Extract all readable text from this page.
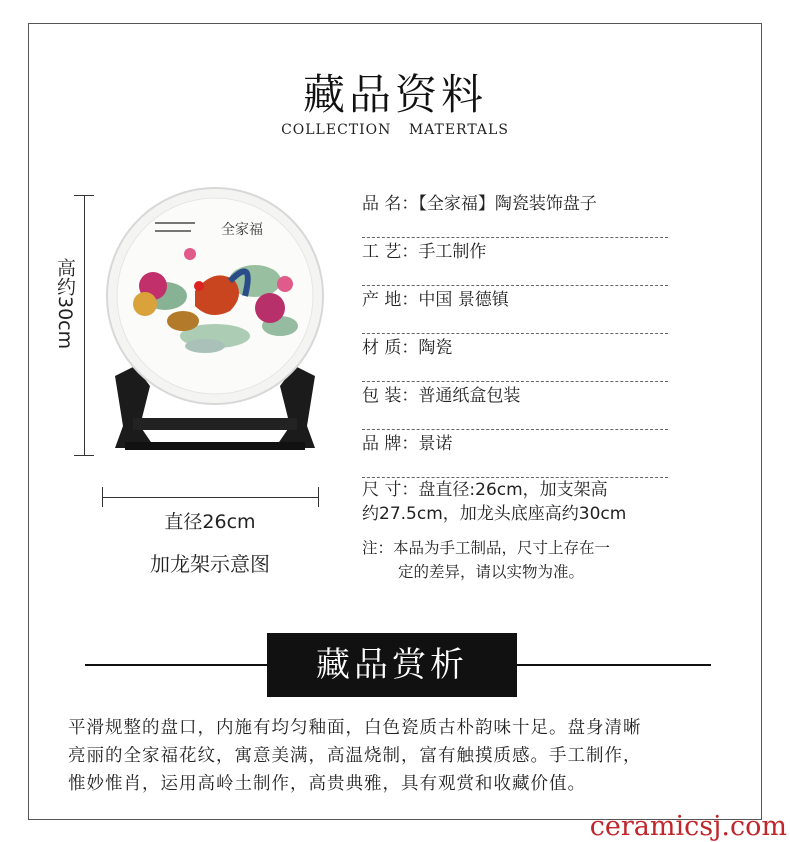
藏品资料
COLLECTION MATERTALS
高约30cm
直径26cm
加龙架示意图
全家福
品 名：【全家福】陶瓷装饰盘子
工 艺：手工制作
产 地：中国 景德镇
材 质：陶瓷
包 装：普通纸盒包装
品 牌：景诺
尺 寸：盘直径:26cm，加支架高
约27.5cm，加龙头底座高约30cm
注：本品为手工制品，尺寸上存在一
定的差异，请以实物为准。
藏品赏析
平滑规整的盘口，内施有均匀釉面，白色瓷质古朴韵味十足。盘身清晰
亮丽的全家福花纹，寓意美满，高温烧制，富有触摸质感。手工制作，
惟妙惟肖，运用高岭土制作，高贵典雅，具有观赏和收藏价值。
ceramicsj.com
